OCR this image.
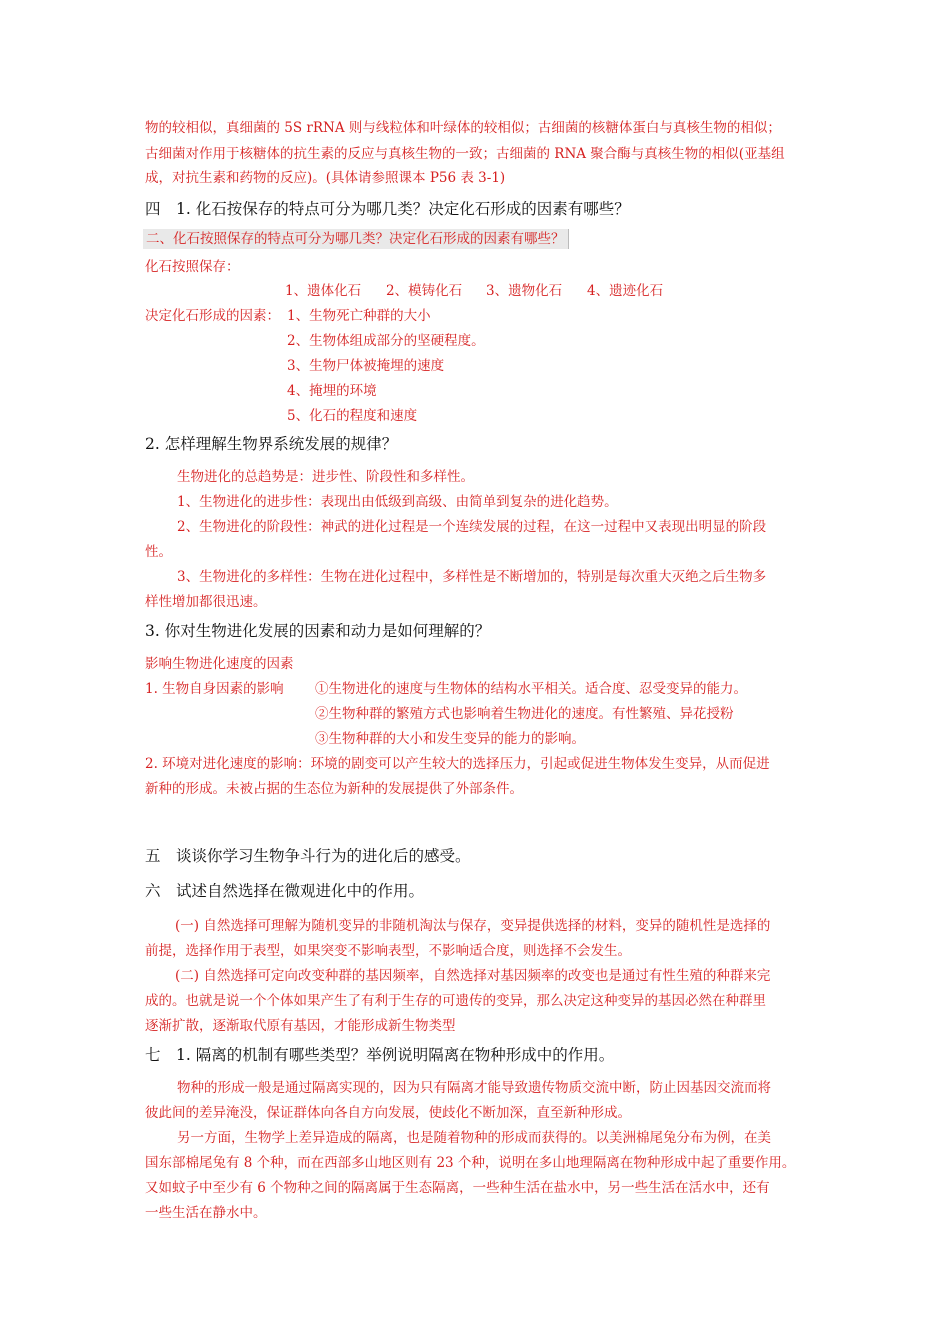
物的较相似，真细菌的 5S rRNA 则与线粒体和叶绿体的较相似；古细菌的核糖体蛋白与真核生物的相似；
古细菌对作用于核糖体的抗生素的反应与真核生物的一致；古细菌的 RNA 聚合酶与真核生物的相似(亚基组
成，对抗生素和药物的反应)。(具体请参照课本 P56 表 3-1)
四　1. 化石按保存的特点可分为哪几类？决定化石形成的因素有哪些？
二、化石按照保存的特点可分为哪几类？决定化石形成的因素有哪些？
化石按照保存：
1、遗体化石 2、模铸化石 3、遗物化石 4、遗迹化石
决定化石形成的因素： 1、生物死亡种群的大小
2、生物体组成部分的坚硬程度。
3、生物尸体被掩埋的速度
4、掩埋的环境
5、化石的程度和速度
2. 怎样理解生物界系统发展的规律？
生物进化的总趋势是：进步性、阶段性和多样性。
1、生物进化的进步性：表现出由低级到高级、由简单到复杂的进化趋势。
2、生物进化的阶段性：神武的进化过程是一个连续发展的过程，在这一过程中又表现出明显的阶段
性。
3、生物进化的多样性：生物在进化过程中，多样性是不断增加的，特别是每次重大灭绝之后生物多
样性增加都很迅速。
3. 你对生物进化发展的因素和动力是如何理解的？
影响生物进化速度的因素
1. 生物自身因素的影响 ①生物进化的速度与生物体的结构水平相关。适合度、忍受变异的能力。
②生物种群的繁殖方式也影响着生物进化的速度。有性繁殖、异花授粉
③生物种群的大小和发生变异的能力的影响。
2. 环境对进化速度的影响：环境的剧变可以产生较大的选择压力，引起或促进生物体发生变异，从而促进
新种的形成。未被占据的生态位为新种的发展提供了外部条件。
五　谈谈你学习生物争斗行为的进化后的感受。
六　试述自然选择在微观进化中的作用。
(一) 自然选择可理解为随机变异的非随机淘汰与保存，变异提供选择的材料，变异的随机性是选择的
前提，选择作用于表型，如果突变不影响表型，不影响适合度，则选择不会发生。
(二) 自然选择可定向改变种群的基因频率，自然选择对基因频率的改变也是通过有性生殖的种群来完
成的。也就是说一个个体如果产生了有利于生存的可遗传的变异，那么决定这种变异的基因必然在种群里
逐渐扩散，逐渐取代原有基因，才能形成新生物类型
七　1. 隔离的机制有哪些类型？举例说明隔离在物种形成中的作用。
物种的形成一般是通过隔离实现的，因为只有隔离才能导致遗传物质交流中断，防止因基因交流而将
彼此间的差异淹没，保证群体向各自方向发展，使歧化不断加深，直至新种形成。
另一方面，生物学上差异造成的隔离，也是随着物种的形成而获得的。以美洲棉尾兔分布为例，在美
国东部棉尾兔有 8 个种，而在西部多山地区则有 23 个种，说明在多山地理隔离在物种形成中起了重要作用。
又如蚊子中至少有 6 个物种之间的隔离属于生态隔离，一些种生活在盐水中，另一些生活在活水中，还有
一些生活在静水中。
